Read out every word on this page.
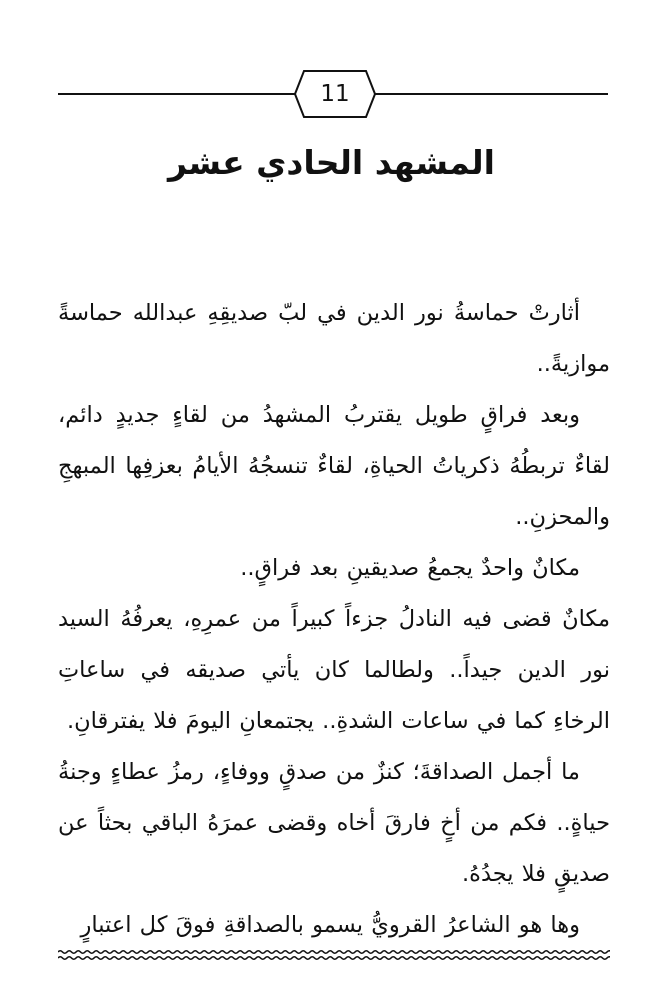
11
المشهد الحادي عشر

أثارتْ حماسةُ نور الدين في لبّ صديقِهِ عبدالله حماسةً موازيةً..

وبعد فراقٍ طويل يقتربُ المشهدُ من لقاءٍ جديدٍ دائم، لقاءٌ تربطُهُ ذكرياتُ الحياةِ، لقاءٌ تنسجُهُ الأيامُ بعزفِها المبهجِ والمحزنِ..

مكانٌ واحدٌ يجمعُ صديقينِ بعد فراقٍ..

مكانٌ قضى فيه النادلُ جزءاً كبيراً من عمرِهِ، يعرفُهُ السيد نور الدين جيداً.. ولطالما كان يأتي صديقه في ساعاتِ الرخاءِ كما في ساعات الشدةِ.. يجتمعانِ اليومَ فلا يفترقانِ.

ما أجمل الصداقةَ؛ كنزٌ من صدقٍ ووفاءٍ، رمزُ عطاءٍ وجنةُ حياةٍ.. فكم من أخٍ فارقَ أخاه وقضى عمرَهُ الباقي بحثاً عن صديقٍ فلا يجدُهُ.

وها هو الشاعرُ القرويُّ يسمو بالصداقةِ فوقَ كل اعتبارٍ
